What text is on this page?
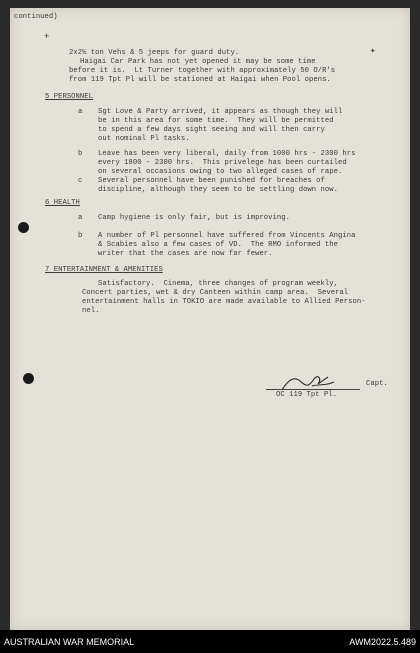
continued)
+
✦
2x2½ ton Vehs & 5 jeeps for guard duty.
Haigai Car Park has not yet opened it may be some time
before it is.  Lt Turner together with approximately 50 O/R's
from 119 Tpt Pl will be stationed at Haigai when Pool opens.
5 PERSONNEL
a Sgt Love & Party arrived, it appears as though they will
be in this area for some time.  They will be permitted
to spend a few days sight seeing and will then carry
out nominal Pl tasks.
b Leave has been very liberal, daily from 1000 hrs - 2300 hrs
every 1800 - 2300 hrs.  This privelege has been curtailed
on several occasions owing to two alleged cases of rape.
c Several personnel have been punished for breaches of
discipline, although they seem to be settling down now.
6 HEALTH
a Camp hygiene is only fair, but is improving.
b A number of Pl personnel have suffered from Vincents Angina
& Scabies also a few cases of VD.  The RMO informed the
writer that the cases are now far fewer.
7 ENTERTAINMENT & AMENITIES
Satisfactory.  Cinema, three changes of program weekly,
Concert parties, wet & dry Canteen within camp area.  Several
entertainment halls in TOKIO are made available to Allied Person-
nel.
Capt.
OC 119 Tpt Pl.
AUSTRALIAN WAR MEMORIAL	AWM2022.5.489
